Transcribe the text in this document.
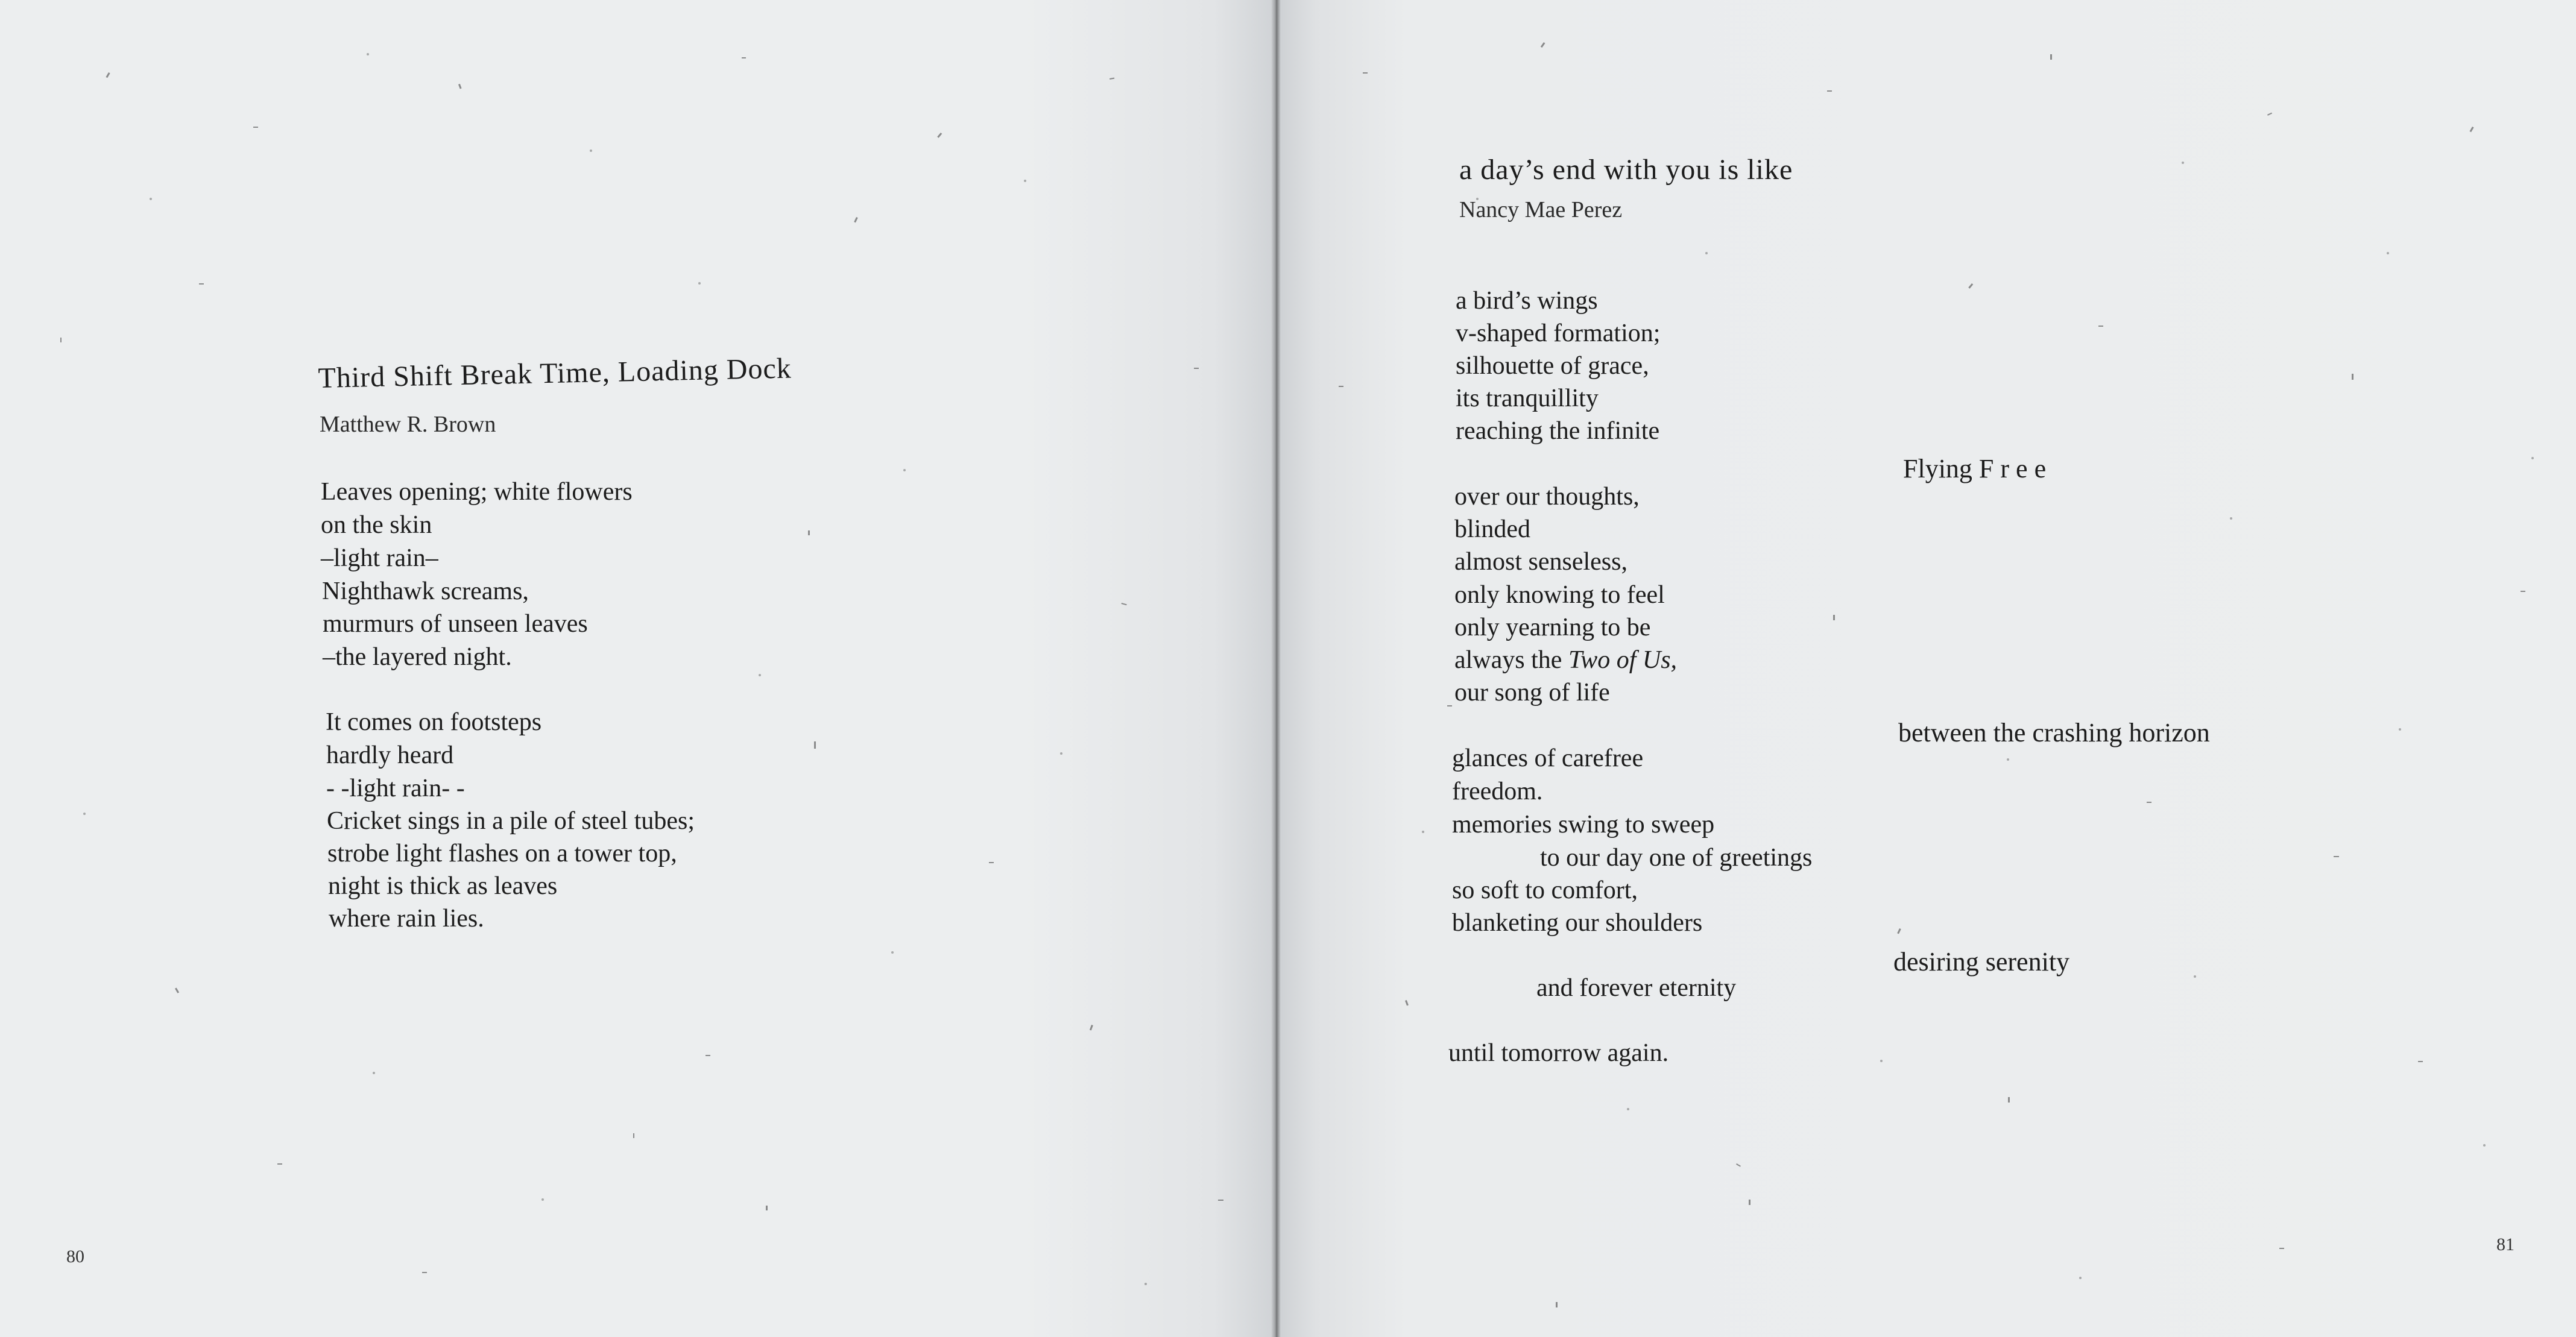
Third Shift Break Time, Loading Dock
Matthew R. Brown
Leaves opening; white flowers
on the skin
–light rain–
Nighthawk screams,
murmurs of unseen leaves
–the layered night.
It comes on footsteps
hardly heard
- -light rain- -
Cricket sings in a pile of steel tubes;
strobe light flashes on a tower top,
night is thick as leaves
where rain lies.
80
a day’s end with you is like
Nancy Mae Perez
a bird’s wings
v-shaped formation;
silhouette of grace,
its tranquillity
reaching the infinite
over our thoughts,
blinded
almost senseless,
only knowing to feel
only yearning to be
always the Two of Us,
our song of life
glances of carefree
freedom.
memories swing to sweep
to our day one of greetings
so soft to comfort,
blanketing our shoulders
and forever eternity
until tomorrow again.
Flying F r e e
between the crashing horizon
desiring serenity
81
